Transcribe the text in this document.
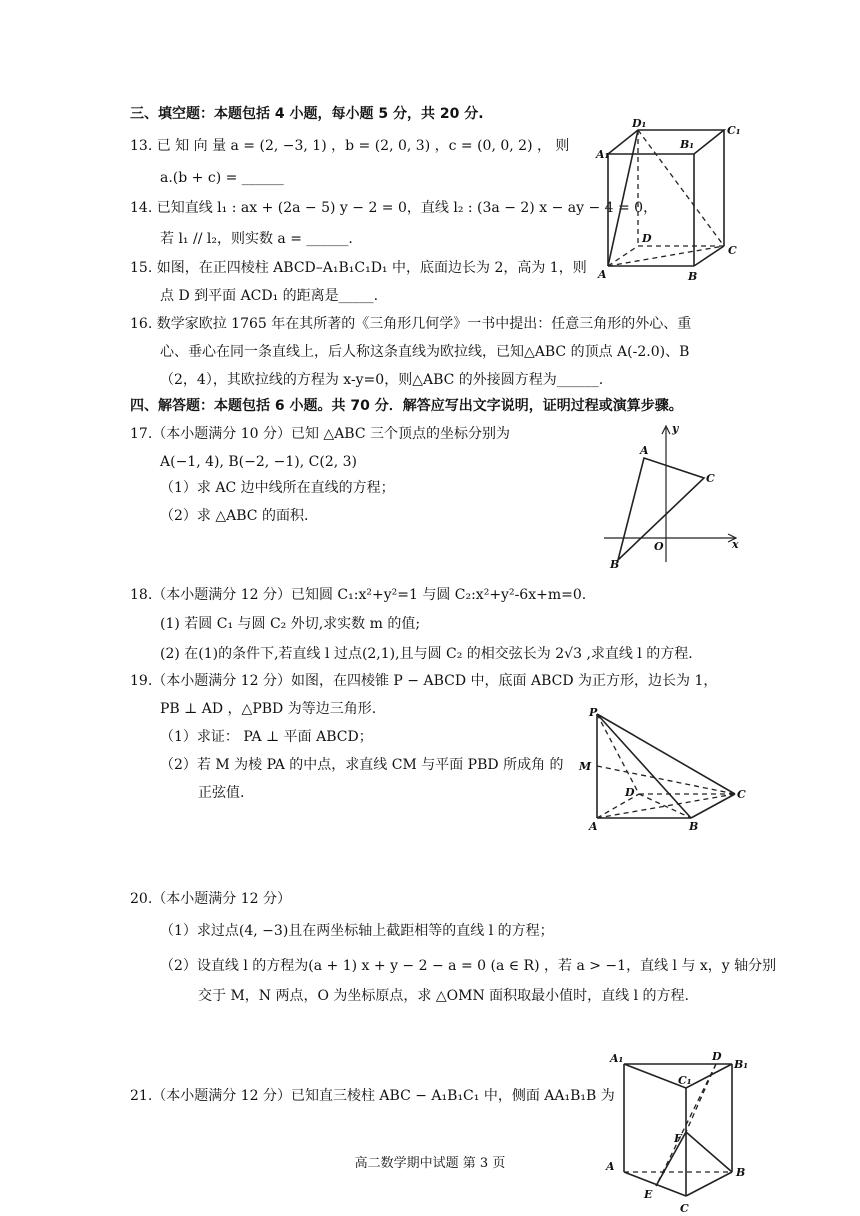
三、填空题：本题包括 4 小题，每小题 5 分，共 20 分.
13. 已 知 向 量 a = (2, −3, 1) ，b = (2, 0, 3) ，c = (0, 0, 2) ， 则
a.(b + c) = ______
14. 已知直线 l₁ : ax + (2a − 5) y − 2 = 0，直线 l₂ : (3a − 2) x − ay − 4 = 0，
若 l₁ // l₂，则实数 a = ______.
15. 如图，在正四棱柱 ABCD–A₁B₁C₁D₁ 中，底面边长为 2，高为 1，则
点 D 到平面 ACD₁ 的距离是_____.
16. 数学家欧拉 1765 年在其所著的《三角形几何学》一书中提出：任意三角形的外心、重
心、垂心在同一条直线上，后人称这条直线为欧拉线，已知△ABC 的顶点 A(-2.0)、B
（2，4），其欧拉线的方程为 x-y=0，则△ABC 的外接圆方程为______.
四、解答题：本题包括 6 小题。共 70 分．解答应写出文字说明，证明过程或演算步骤。
17.（本小题满分 10 分）已知 △ABC 三个顶点的坐标分别为
A(−1, 4), B(−2, −1), C(2, 3)
（1）求 AC 边中线所在直线的方程；
（2）求 △ABC 的面积.
18.（本小题满分 12 分）已知圆 C₁:x²+y²=1 与圆 C₂:x²+y²-6x+m=0.
(1) 若圆 C₁ 与圆 C₂ 外切,求实数 m 的值;
(2) 在(1)的条件下,若直线 l 过点(2,1),且与圆 C₂ 的相交弦长为 2√3 ,求直线 l 的方程.
19.（本小题满分 12 分）如图，在四棱锥 P − ABCD 中，底面 ABCD 为正方形，边长为 1，
PB ⊥ AD ，△PBD 为等边三角形.
（1）求证： PA ⊥ 平面 ABCD；
（2）若 M 为棱 PA 的中点，求直线 CM 与平面 PBD 所成角 的
正弦值.
20.（本小题满分 12 分）
（1）求过点(4, −3)且在两坐标轴上截距相等的直线 l 的方程；
（2）设直线 l 的方程为(a + 1) x + y − 2 − a = 0 (a ∈ R) ，若 a > −1，直线 l 与 x，y 轴分别
交于 M，N 两点，O 为坐标原点，求 △OMN 面积取最小值时，直线 l 的方程.
21.（本小题满分 12 分）已知直三棱柱 ABC − A₁B₁C₁ 中，侧面 AA₁B₁B 为
高二数学期中试题 第 3 页
D₁
C₁
A₁
B₁
D
A	B
C
y
A
C
O	x
B
P
M
D	C
A	B
A₁	D
B₁
C₁
F
A	B
E
C
